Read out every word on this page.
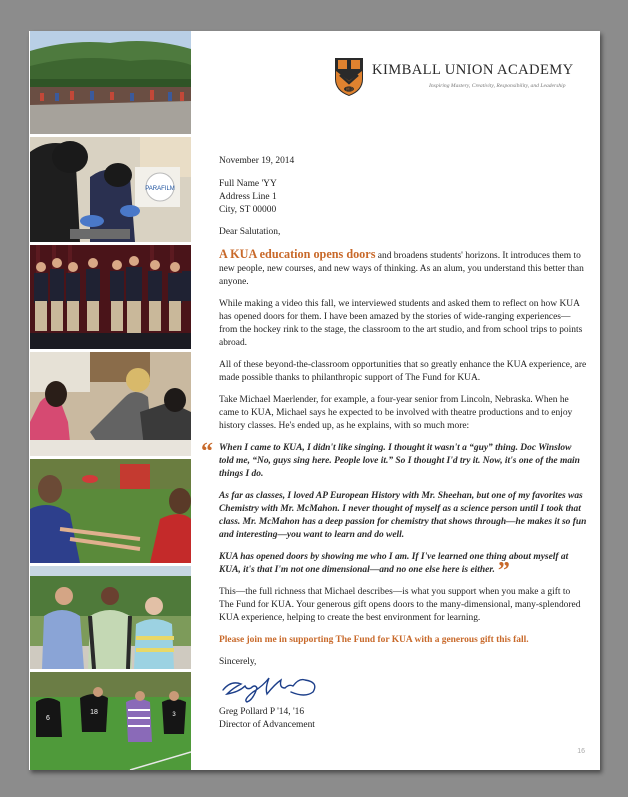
PARAFILM
6
18	3
1813
KIMBALL UNION ACADEMY
Inspiring Mastery, Creativity, Responsibility, and Leadership

November 19, 2014

Full Name 'YY
Address Line 1
City, ST 00000

Dear Salutation,

A KUA education opens doors and broadens students' horizons. It introduces them to new people, new courses, and new ways of thinking. As an alum, you understand this better than anyone.

While making a video this fall, we interviewed students and asked them to reflect on how KUA has opened doors for them. I have been amazed by the stories of wide-ranging experiences—from the hockey rink to the stage, the classroom to the art studio, and from school trips to points abroad.

All of these beyond-the-classroom opportunities that so greatly enhance the KUA experience, are made possible thanks to philanthropic support of The Fund for KUA.

Take Michael Maerlender, for example, a four-year senior from Lincoln, Nebraska. When he came to KUA, Michael says he expected to be involved with theatre productions and to enjoy history classes. He's ended up, as he explains, with so much more:

“ When I came to KUA, I didn't like singing. I thought it wasn't a “guy” thing. Doc Winslow told me, “No, guys sing here. People love it.” So I thought I'd try it. Now, it's one of the main things I do.

As far as classes, I loved AP European History with Mr. Sheehan, but one of my favorites was Chemistry with Mr. McMahon. I never thought of myself as a science person until I took that class. Mr. McMahon has a deep passion for chemistry that shows through—he makes it so fun and interesting—you want to learn and do well.

KUA has opened doors by showing me who I am. If I've learned one thing about myself at KUA, it's that I'm not one dimensional—and no one else here is either. ”

This—the full richness that Michael describes—is what you support when you make a gift to The Fund for KUA. Your generous gift opens doors to the many-dimensional, many-splendored KUA experience, helping to create the best environment for learning.

Please join me in supporting The Fund for KUA with a generous gift this fall.

Sincerely,
Greg Pollard P '14, '16
Director of Advancement
16
